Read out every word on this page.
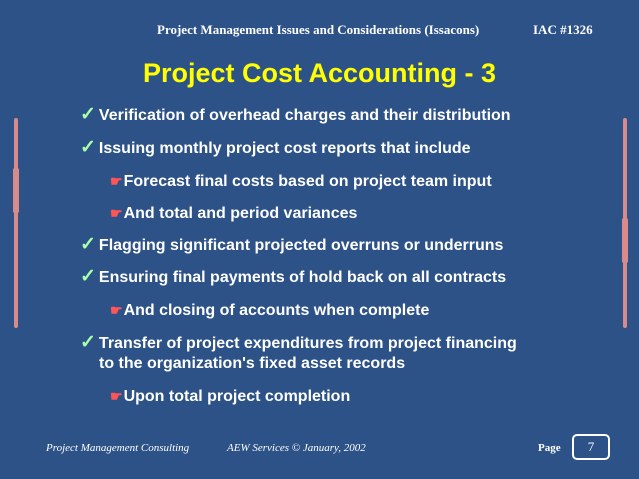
Project Management Issues and Considerations (Issacons)	IAC #1326
Project Cost Accounting - 3
✓ Verification of overhead charges and their distribution
✓ Issuing monthly project cost reports that include
☛Forecast final costs based on project team input
☛And total and period variances
✓ Flagging significant projected overruns or underruns
✓ Ensuring final payments of hold back on all contracts
☛And closing of accounts when complete
✓ Transfer of project expenditures from project financing
to the organization's fixed asset records
☛Upon total project completion
Project Management Consulting	AEW Services © January, 2002	Page	7
